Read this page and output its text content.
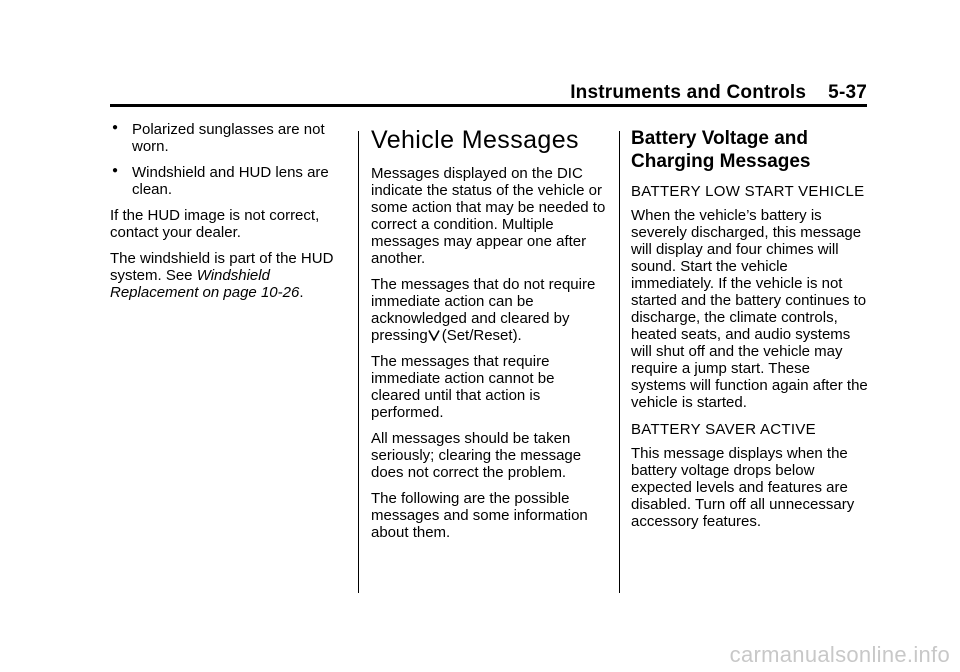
Instruments and Controls 5-37
● Polarized sunglasses are not worn.
● Windshield and HUD lens are clean.

If the HUD image is not correct, contact your dealer.

The windshield is part of the HUD system. See Windshield Replacement on page 10-26.

Vehicle Messages

Messages displayed on the DIC indicate the status of the vehicle or some action that may be needed to correct a condition. Multiple messages may appear one after another.

The messages that do not require immediate action can be acknowledged and cleared by pressing (Set/Reset).

The messages that require immediate action cannot be cleared until that action is performed.

All messages should be taken seriously; clearing the message does not correct the problem.

The following are the possible messages and some information about them.

Battery Voltage and Charging Messages
BATTERY LOW START VEHICLE

When the vehicle’s battery is severely discharged, this message will display and four chimes will sound. Start the vehicle immediately. If the vehicle is not started and the battery continues to discharge, the climate controls, heated seats, and audio systems will shut off and the vehicle may require a jump start. These systems will function again after the vehicle is started.

BATTERY SAVER ACTIVE

This message displays when the battery voltage drops below expected levels and features are disabled. Turn off all unnecessary accessory features.

carmanualsonline.info
